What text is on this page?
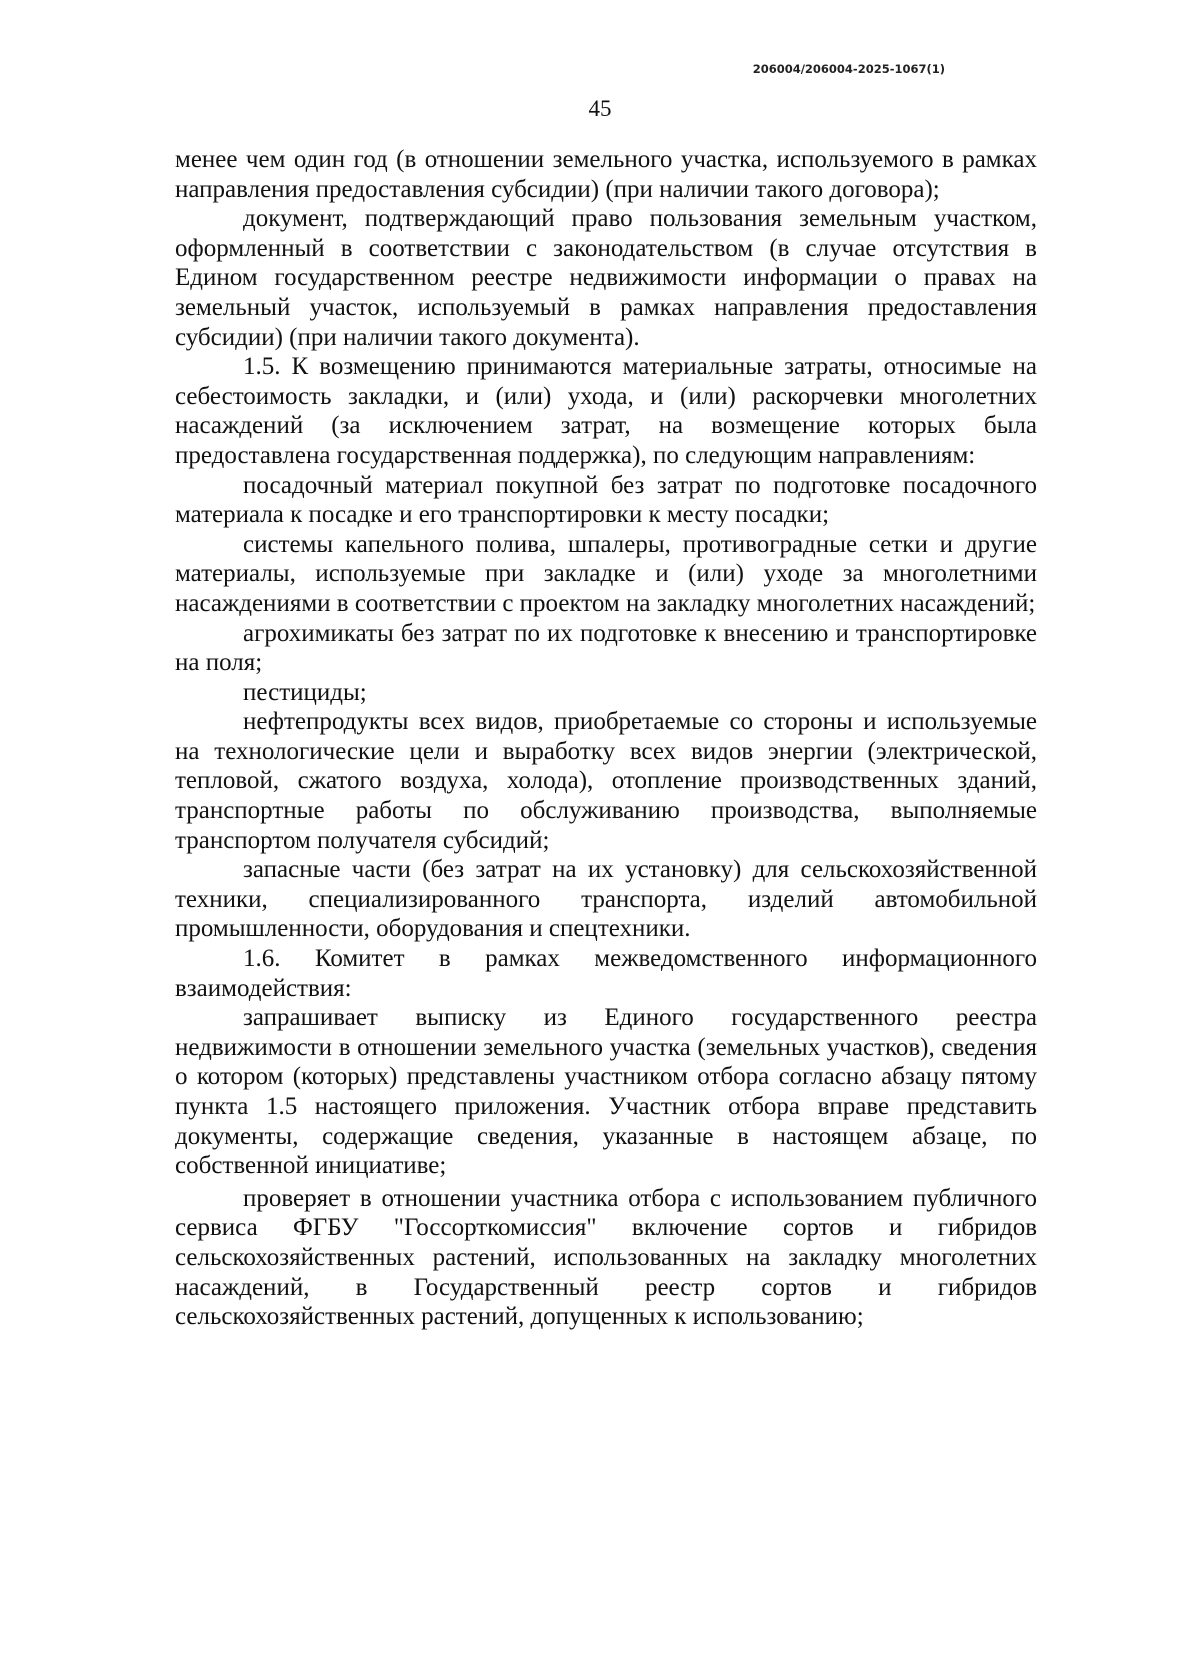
206004/206004-2025-1067(1)
45

менее чем один год (в отношении земельного участка, используемого в рамках направления предоставления субсидии) (при наличии такого договора);

документ, подтверждающий право пользования земельным участком, оформленный в соответствии с законодательством (в случае отсутствия в Едином государственном реестре недвижимости информации о правах на земельный участок, используемый в рамках направления предоставления субсидии) (при наличии такого документа).

1.5. К возмещению принимаются материальные затраты, относимые на себестоимость закладки, и (или) ухода, и (или) раскорчевки многолетних насаждений (за исключением затрат, на возмещение которых была предоставлена государственная поддержка), по следующим направлениям:

посадочный материал покупной без затрат по подготовке посадочного материала к посадке и его транспортировки к месту посадки;

системы капельного полива, шпалеры, противоградные сетки и другие материалы, используемые при закладке и (или) уходе за многолетними насаждениями в соответствии с проектом на закладку многолетних насаждений;

агрохимикаты без затрат по их подготовке к внесению и транспортировке на поля;

пестициды;

нефтепродукты всех видов, приобретаемые со стороны и используемые на технологические цели и выработку всех видов энергии (электрической, тепловой, сжатого воздуха, холода), отопление производственных зданий, транспортные работы по обслуживанию производства, выполняемые транспортом получателя субсидий;

запасные части (без затрат на их установку) для сельскохозяйственной техники, специализированного транспорта, изделий автомобильной промышленности, оборудования и спецтехники.

1.6. Комитет в рамках межведомственного информационного взаимодействия:

запрашивает выписку из Единого государственного реестра недвижимости в отношении земельного участка (земельных участков), сведения о котором (которых) представлены участником отбора согласно абзацу пятому пункта 1.5 настоящего приложения. Участник отбора вправе представить документы, содержащие сведения, указанные в настоящем абзаце, по собственной инициативе;

проверяет в отношении участника отбора с использованием публичного сервиса ФГБУ "Госсорткомиссия" включение сортов и гибридов сельскохозяйственных растений, использованных на закладку многолетних насаждений, в Государственный реестр сортов и гибридов сельскохозяйственных растений, допущенных к использованию;
